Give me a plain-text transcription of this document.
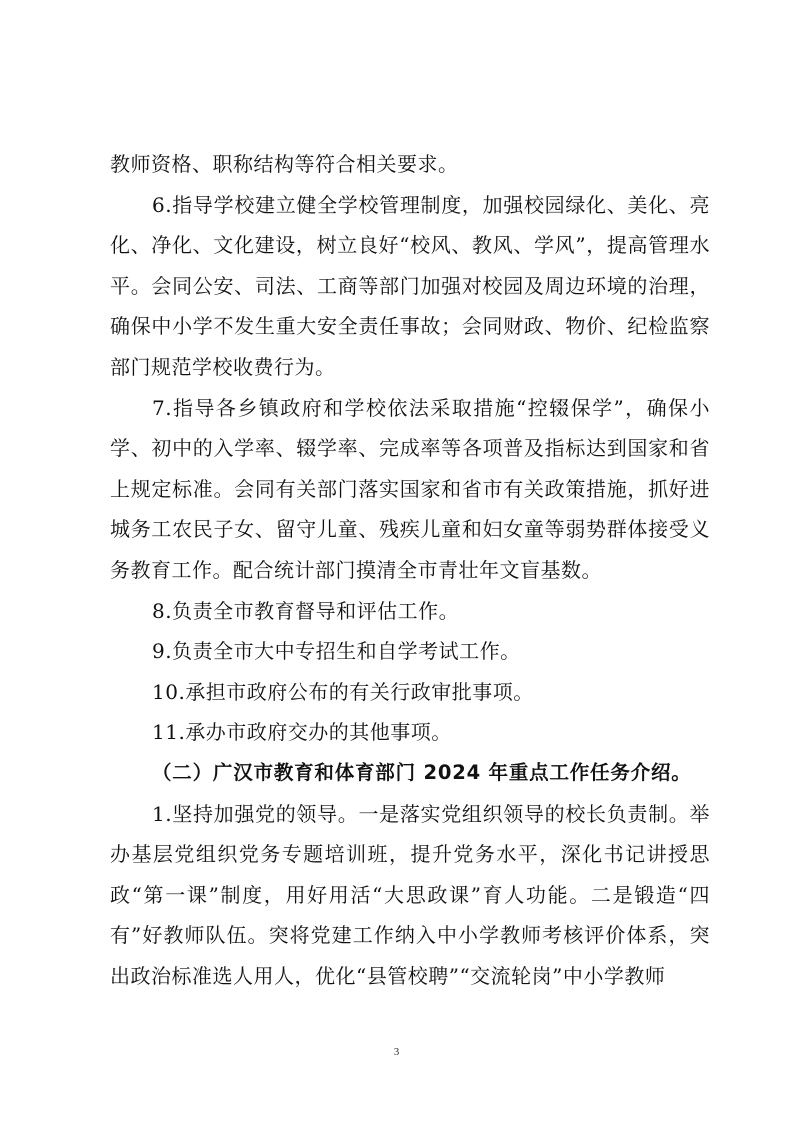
教师资格、职称结构等符合相关要求。

6.指导学校建立健全学校管理制度，加强校园绿化、美化、亮化、净化、文化建设，树立良好“校风、教风、学风”，提高管理水平。会同公安、司法、工商等部门加强对校园及周边环境的治理，确保中小学不发生重大安全责任事故；会同财政、物价、纪检监察部门规范学校收费行为。

7.指导各乡镇政府和学校依法采取措施“控辍保学”，确保小学、初中的入学率、辍学率、完成率等各项普及指标达到国家和省上规定标准。会同有关部门落实国家和省市有关政策措施，抓好进城务工农民子女、留守儿童、残疾儿童和妇女童等弱势群体接受义务教育工作。配合统计部门摸清全市青壮年文盲基数。

8.负责全市教育督导和评估工作。

9.负责全市大中专招生和自学考试工作。

10.承担市政府公布的有关行政审批事项。

11.承办市政府交办的其他事项。

（二）广汉市教育和体育部门 2024 年重点工作任务介绍。

1.坚持加强党的领导。一是落实党组织领导的校长负责制。举办基层党组织党务专题培训班，提升党务水平，深化书记讲授思政“第一课”制度，用好用活“大思政课”育人功能。二是锻造“四有”好教师队伍。突将党建工作纳入中小学教师考核评价体系，突出政治标准选人用人，优化“县管校聘”“交流轮岗”中小学教师

3
